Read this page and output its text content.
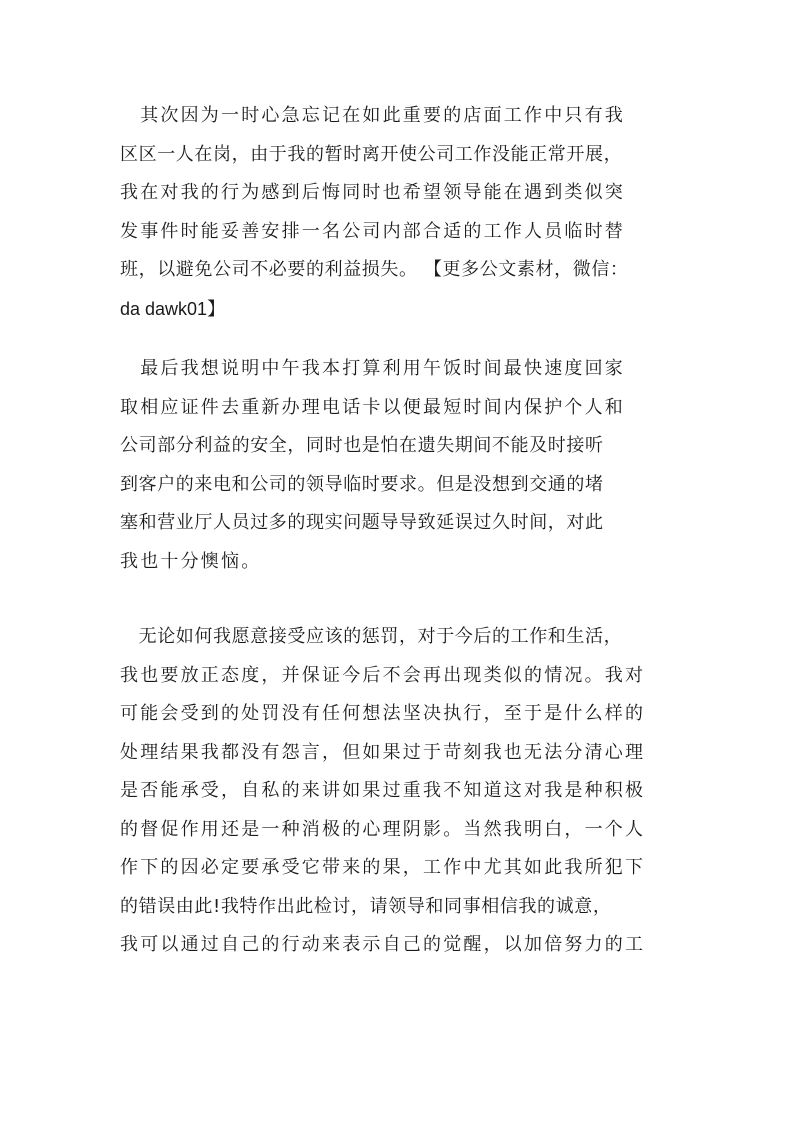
　其次因为一时心急忘记在如此重要的店面工作中只有我
区区一人在岗，由于我的暂时离开使公司工作没能正常开展，
我在对我的行为感到后悔同时也希望领导能在遇到类似突
发事件时能妥善安排一名公司内部合适的工作人员临时替
班，以避免公司不必要的利益损失。 【更多公文素材，微信：
da dawk01】
　最后我想说明中午我本打算利用午饭时间最快速度回家
取相应证件去重新办理电话卡以便最短时间内保护个人和
公司部分利益的安全，同时也是怕在遗失期间不能及时接听
到客户的来电和公司的领导临时要求。但是没想到交通的堵
塞和营业厅人员过多的现实问题导导致延误过久时间，对此
我也十分懊恼。
　无论如何我愿意接受应该的惩罚，对于今后的工作和生活，
我也要放正态度，并保证今后不会再出现类似的情况。我对
可能会受到的处罚没有任何想法坚决执行，至于是什么样的
处理结果我都没有怨言，但如果过于苛刻我也无法分清心理
是否能承受，自私的来讲如果过重我不知道这对我是种积极
的督促作用还是一种消极的心理阴影。当然我明白，一个人
作下的因必定要承受它带来的果，工作中尤其如此我所犯下
的错误由此!我特作出此检讨，请领导和同事相信我的诚意，
我可以通过自己的行动来表示自己的觉醒，以加倍努力的工
